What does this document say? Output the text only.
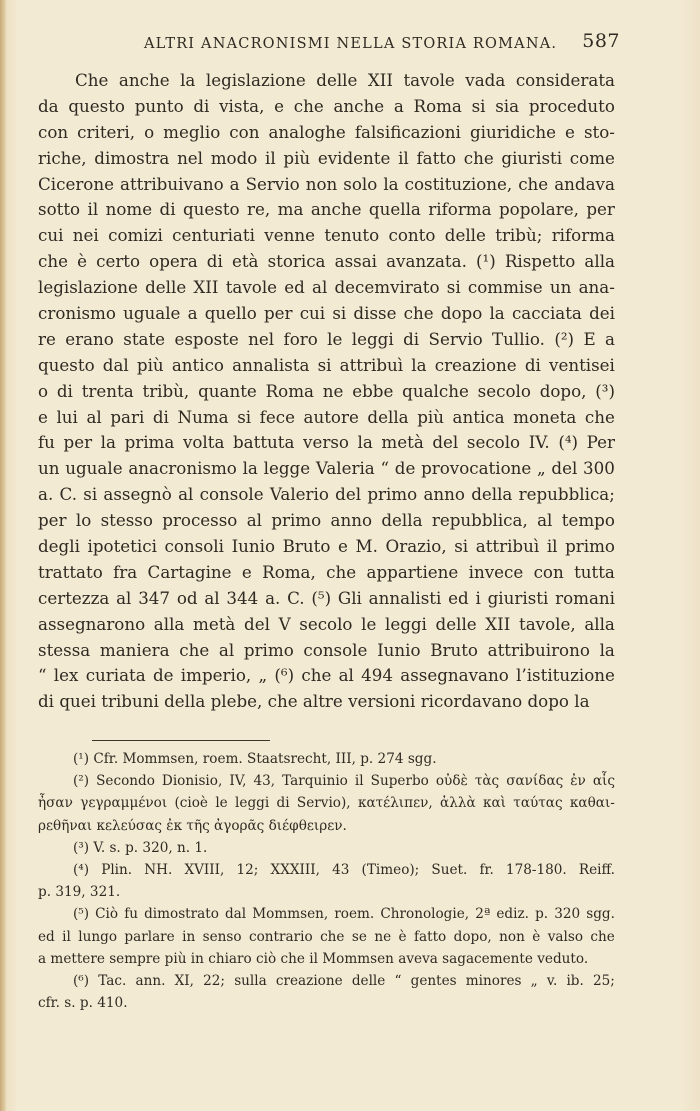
ALTRI ANACRONISMI NELLA STORIA ROMANA. 587
Che anche la legislazione delle XII tavole vada considerata
da questo punto di vista, e che anche a Roma si sia proceduto
con criteri, o meglio con analoghe falsificazioni giuridiche e sto-
riche, dimostra nel modo il più evidente il fatto che giuristi come
Cicerone attribuivano a Servio non solo la costituzione, che andava
sotto il nome di questo re, ma anche quella riforma popolare, per
cui nei comizi centuriati venne tenuto conto delle tribù; riforma
che è certo opera di età storica assai avanzata. (¹) Rispetto alla
legislazione delle XII tavole ed al decemvirato si commise un ana-
cronismo uguale a quello per cui si disse che dopo la cacciata dei
re erano state esposte nel foro le leggi di Servio Tullio. (²) E a
questo dal più antico annalista si attribuì la creazione di ventisei
o di trenta tribù, quante Roma ne ebbe qualche secolo dopo, (³)
e lui al pari di Numa si fece autore della più antica moneta che
fu per la prima volta battuta verso la metà del secolo IV. (⁴) Per
un uguale anacronismo la legge Valeria “ de provocatione „ del 300
a. C. si assegnò al console Valerio del primo anno della repubblica;
per lo stesso processo al primo anno della repubblica, al tempo
degli ipotetici consoli Iunio Bruto e M. Orazio, si attribuì il primo
trattato fra Cartagine e Roma, che appartiene invece con tutta
certezza al 347 od al 344 a. C. (⁵) Gli annalisti ed i giuristi romani
assegnarono alla metà del V secolo le leggi delle XII tavole, alla
stessa maniera che al primo console Iunio Bruto attribuirono la
“ lex curiata de imperio, „ (⁶) che al 494 assegnavano l’istituzione
di quei tribuni della plebe, che altre versioni ricordavano dopo la
(¹) Cfr. Mommsen, roem. Staatsrecht, III, p. 274 sgg.
(²) Secondo Dionisio, IV, 43, Tarquinio il Superbo οὐδὲ τὰς σανίδας ἐν αἷς
ἦσαν γεγραμμένοι (cioè le leggi di Servio), κατέλιπεν, ἀλλὰ καὶ ταύτας καθαι-
ρεθῆναι κελεύσας ἐκ τῆς ἀγορᾶς διέφθειρεν.
(³) V. s. p. 320, n. 1.
(⁴) Plin. NH. XVIII, 12; XXXIII, 43 (Timeo); Suet. fr. 178-180. Reiff.
p. 319, 321.
(⁵) Ciò fu dimostrato dal Mommsen, roem. Chronologie, 2ª ediz. p. 320 sgg.
ed il lungo parlare in senso contrario che se ne è fatto dopo, non è valso che
a mettere sempre più in chiaro ciò che il Mommsen aveva sagacemente veduto.
(⁶) Tac. ann. XI, 22; sulla creazione delle “ gentes minores „ v. ib. 25;
cfr. s. p. 410.
